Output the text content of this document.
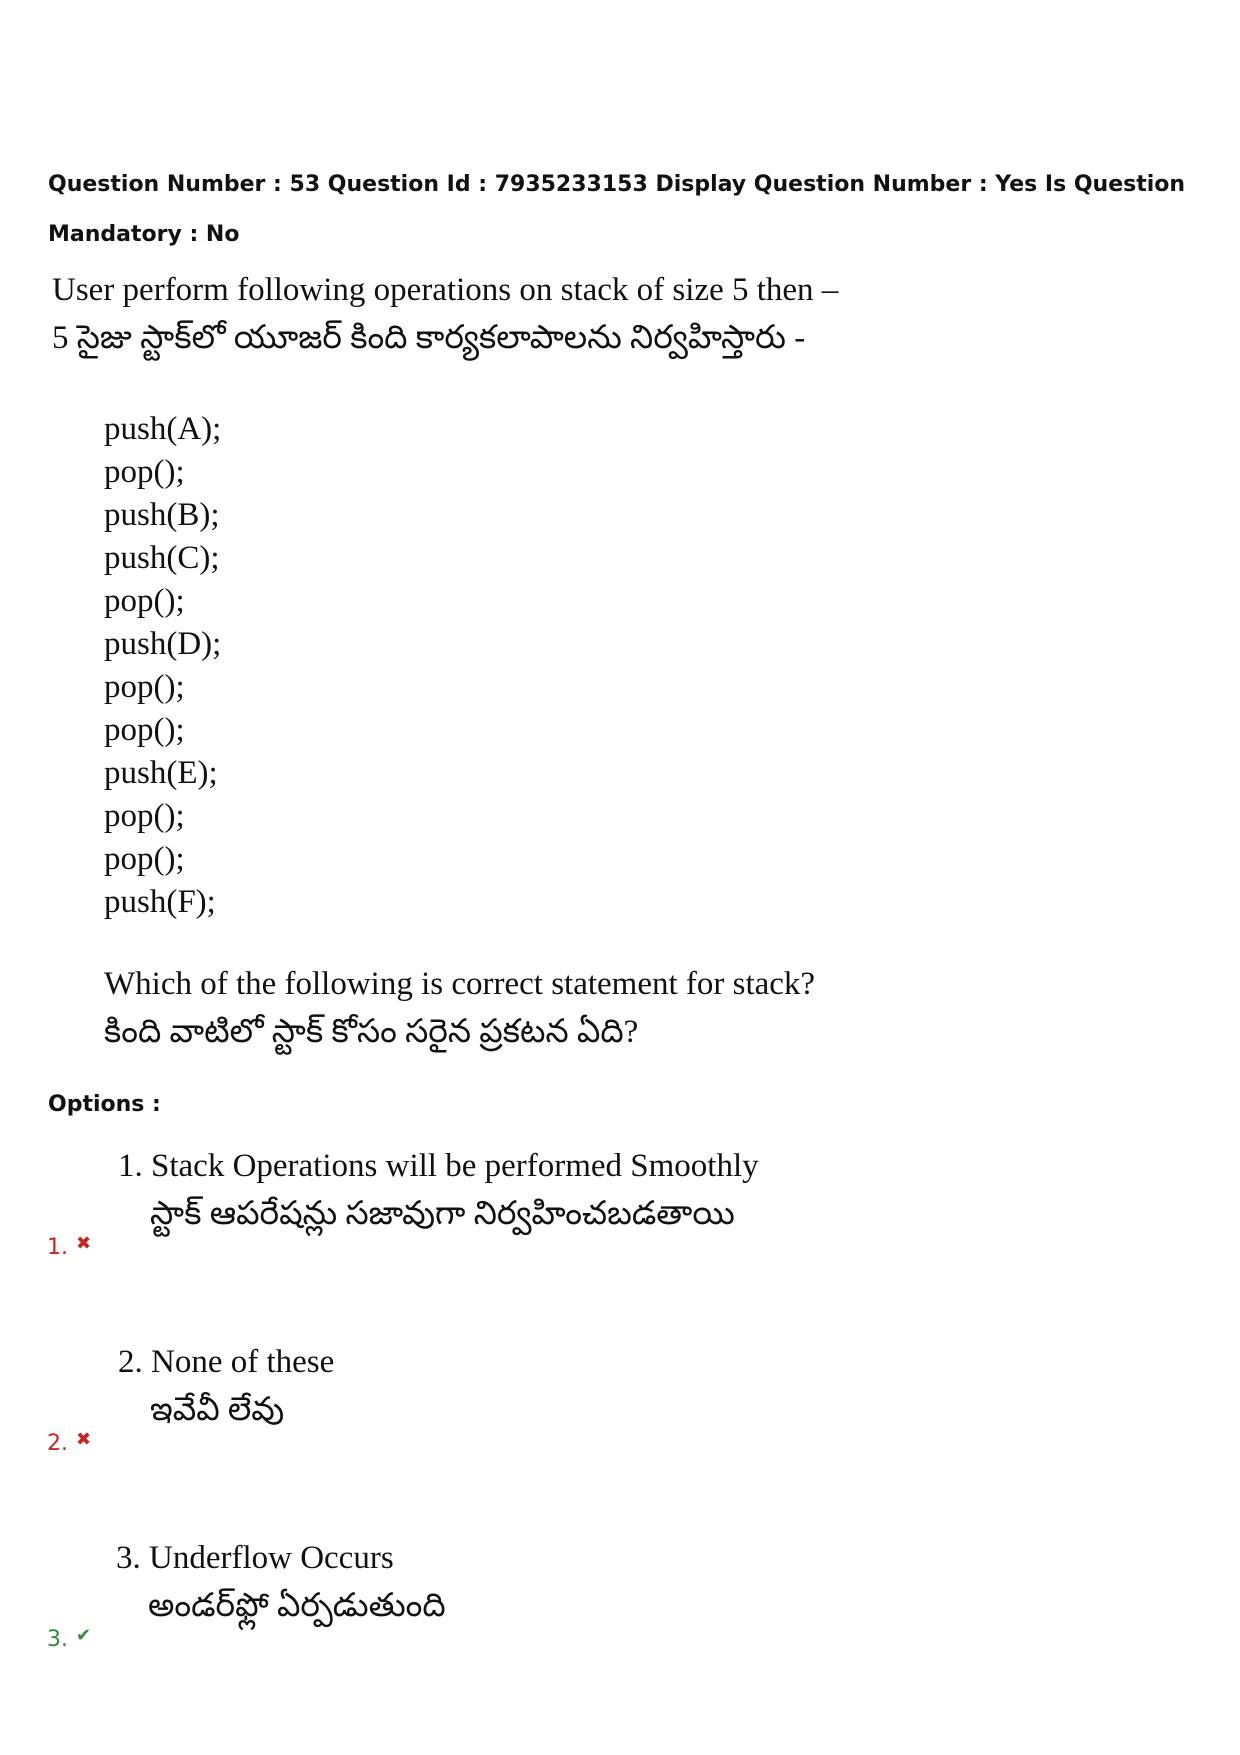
Question Number : 53 Question Id : 7935233153 Display Question Number : Yes Is Question
Mandatory : No
User perform following operations on stack of size 5 then –
5 సైజు స్టాక్‌లో యూజర్ కింది కార్యకలాపాలను నిర్వహిస్తారు -
push(A);
pop();
push(B);
push(C);
pop();
push(D);
pop();
pop();
push(E);
pop();
pop();
push(F);
Which of the following is correct statement for stack?
కింది వాటిలో స్టాక్ కోసం సరైన ప్రకటన ఏది?
Options :
1. Stack Operations will be performed Smoothly
స్టాక్ ఆపరేషన్లు సజావుగా నిర్వహించబడతాయి
1. ✖
2. None of these
ఇవేవీ లేవు
2. ✖
3. Underflow Occurs
అండర్‌ఫ్లో ఏర్పడుతుంది
3. ✔
